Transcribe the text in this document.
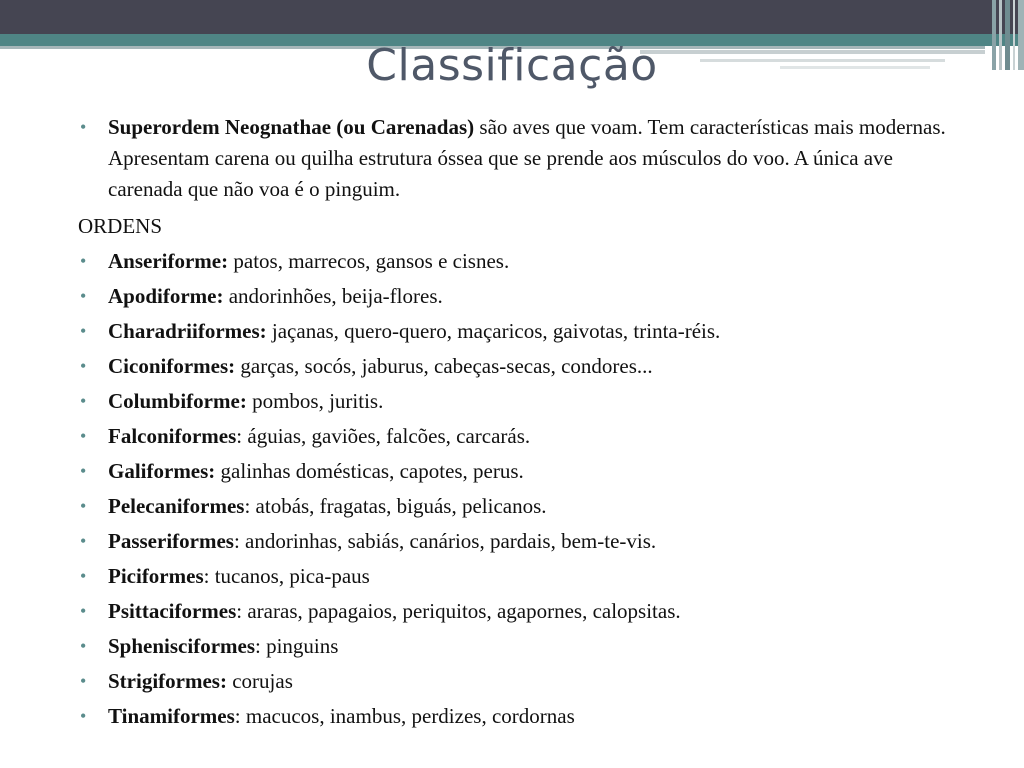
Classificação
• Superordem Neognathae (ou Carenadas) são aves que voam. Tem características mais modernas. Apresentam carena ou quilha estrutura óssea que se prende aos músculos do voo. A única ave carenada que não voa é o pinguim.
ORDENS
• Anseriforme: patos, marrecos, gansos e cisnes.
• Apodiforme: andorinhões, beija-flores.
• Charadriiformes: jaçanas, quero-quero, maçaricos, gaivotas, trinta-réis.
• Ciconiformes: garças, socós, jaburus, cabeças-secas, condores...
• Columbiforme: pombos, juritis.
• Falconiformes: águias, gaviões, falcões, carcarás.
• Galiformes: galinhas domésticas, capotes, perus.
• Pelecaniformes: atobás, fragatas, biguás, pelicanos.
• Passeriformes: andorinhas, sabiás, canários, pardais, bem-te-vis.
• Piciformes: tucanos, pica-paus
• Psittaciformes: araras, papagaios, periquitos, agapornes, calopsitas.
• Sphenisciformes: pinguins
• Strigiformes: corujas
• Tinamiformes: macucos, inambus, perdizes, cordornas
